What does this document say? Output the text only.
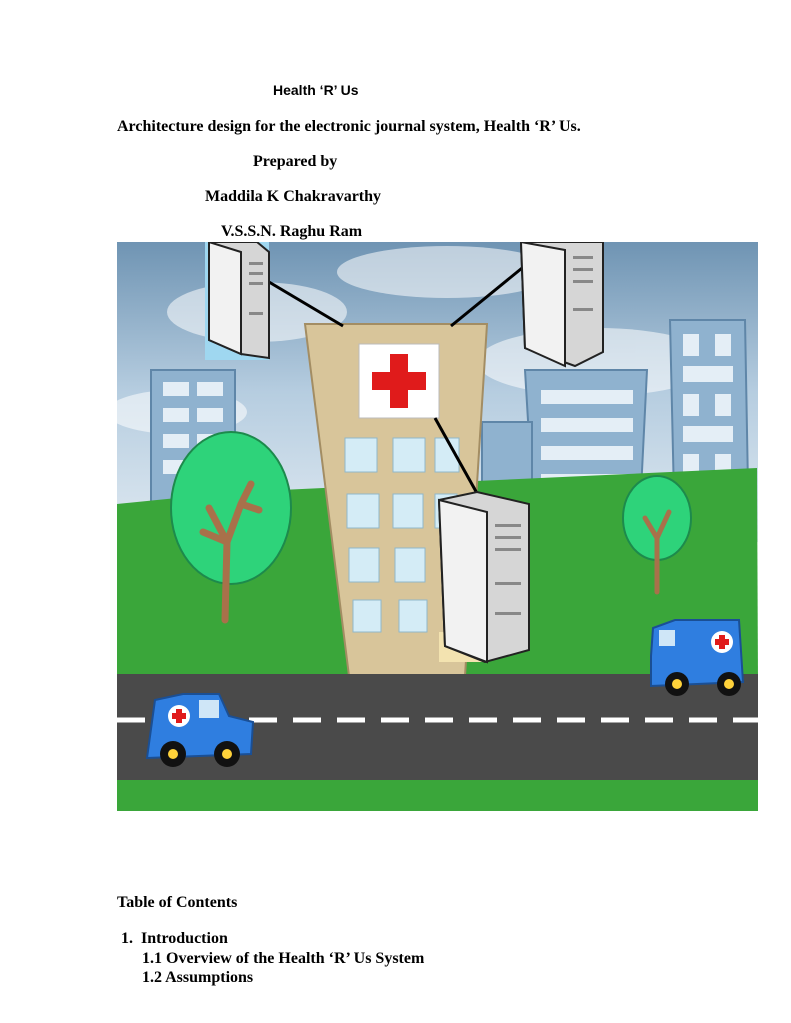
Health ‘R’ Us
Architecture design for the electronic journal system, Health ‘R’ Us.
Prepared by
Maddila K Chakravarthy
V.S.S.N. Raghu Ram
Table of Contents
1. Introduction
1.1 Overview of the Health ‘R’ Us System
1.2 Assumptions
